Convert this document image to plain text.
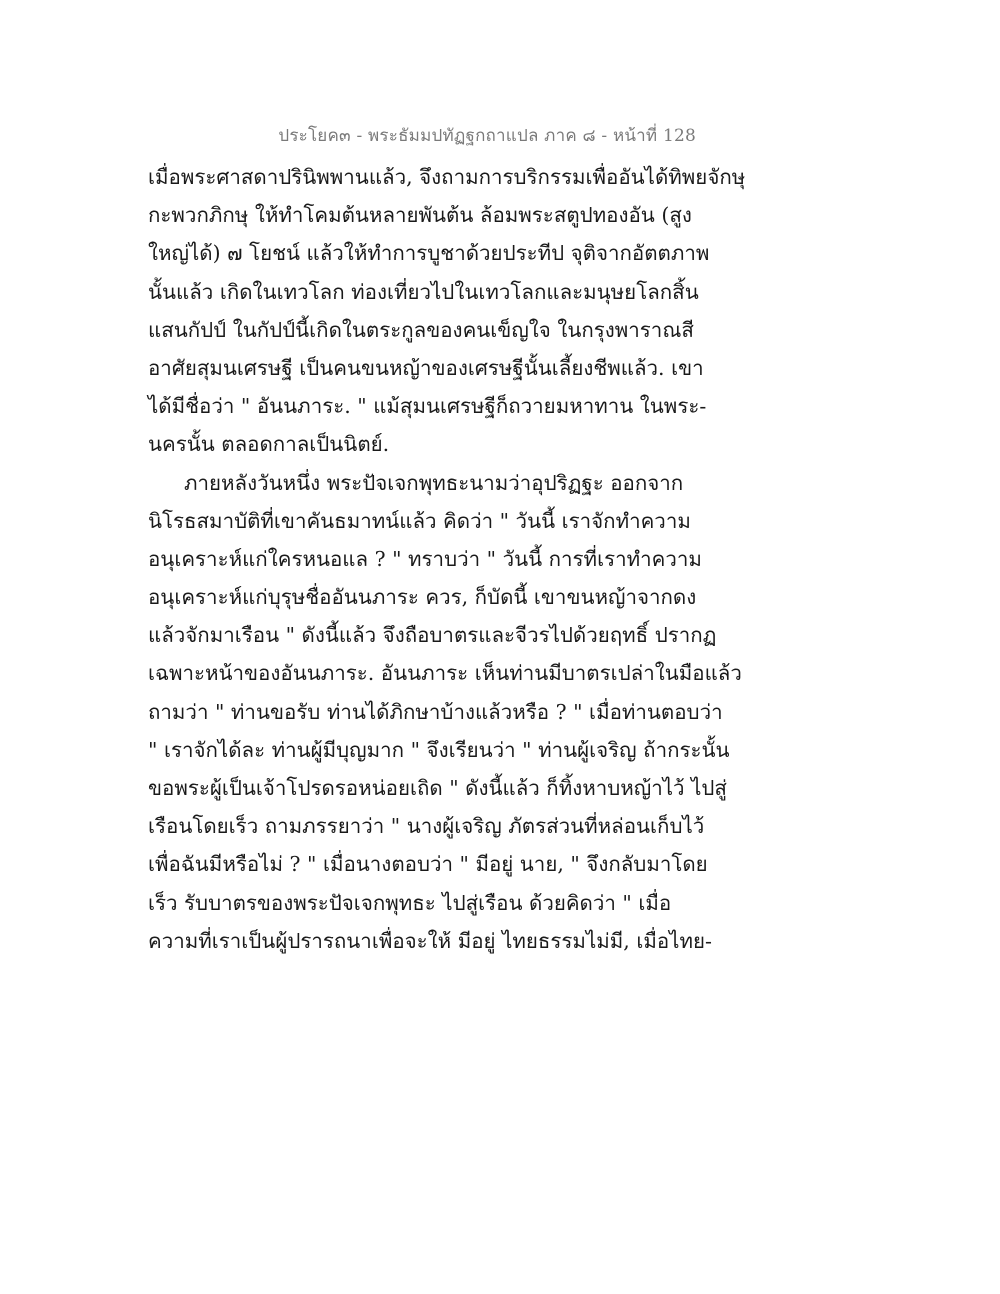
ประโยค๓ - พระธัมมปทัฏฐกถาแปล ภาค ๘ - หน้าที่ 128
เมื่อพระศาสดาปรินิพพานแล้ว, จึงถามการบริกรรมเพื่ออันได้ทิพยจักษุ
กะพวกภิกษุ ให้ทำโคมต้นหลายพันต้น ล้อมพระสตูปทองอัน (สูง
ใหญ่ได้) ๗ โยชน์ แล้วให้ทำการบูชาด้วยประทีป จุติจากอัตตภาพ
นั้นแล้ว เกิดในเทวโลก ท่องเที่ยวไปในเทวโลกและมนุษยโลกสิ้น
แสนกัปป์ ในกัปป์นี้เกิดในตระกูลของคนเข็ญใจ ในกรุงพาราณสี
อาศัยสุมนเศรษฐี เป็นคนขนหญ้าของเศรษฐีนั้นเลี้ยงชีพแล้ว. เขา
ได้มีชื่อว่า " อันนภาระ. " แม้สุมนเศรษฐีก็ถวายมหาทาน ในพระ-
นครนั้น ตลอดกาลเป็นนิตย์.
ภายหลังวันหนึ่ง พระปัจเจกพุทธะนามว่าอุปริฏฐะ ออกจาก
นิโรธสมาบัติที่เขาคันธมาทน์แล้ว คิดว่า " วันนี้ เราจักทำความ
อนุเคราะห์แก่ใครหนอแล ? " ทราบว่า " วันนี้ การที่เราทำความ
อนุเคราะห์แก่บุรุษชื่ออันนภาระ ควร, ก็บัดนี้ เขาขนหญ้าจากดง
แล้วจักมาเรือน " ดังนี้แล้ว จึงถือบาตรและจีวรไปด้วยฤทธิ์ ปรากฏ
เฉพาะหน้าของอันนภาระ. อันนภาระ เห็นท่านมีบาตรเปล่าในมือแล้ว
ถามว่า " ท่านขอรับ ท่านได้ภิกษาบ้างแล้วหรือ ? " เมื่อท่านตอบว่า
" เราจักได้ละ ท่านผู้มีบุญมาก " จึงเรียนว่า " ท่านผู้เจริญ ถ้ากระนั้น
ขอพระผู้เป็นเจ้าโปรดรอหน่อยเถิด " ดังนี้แล้ว ก็ทิ้งหาบหญ้าไว้ ไปสู่
เรือนโดยเร็ว ถามภรรยาว่า " นางผู้เจริญ ภัตรส่วนที่หล่อนเก็บไว้
เพื่อฉันมีหรือไม่ ? " เมื่อนางตอบว่า " มีอยู่ นาย, " จึงกลับมาโดย
เร็ว รับบาตรของพระปัจเจกพุทธะ ไปสู่เรือน ด้วยคิดว่า " เมื่อ
ความที่เราเป็นผู้ปรารถนาเพื่อจะให้ มีอยู่ ไทยธรรมไม่มี, เมื่อไทย-
